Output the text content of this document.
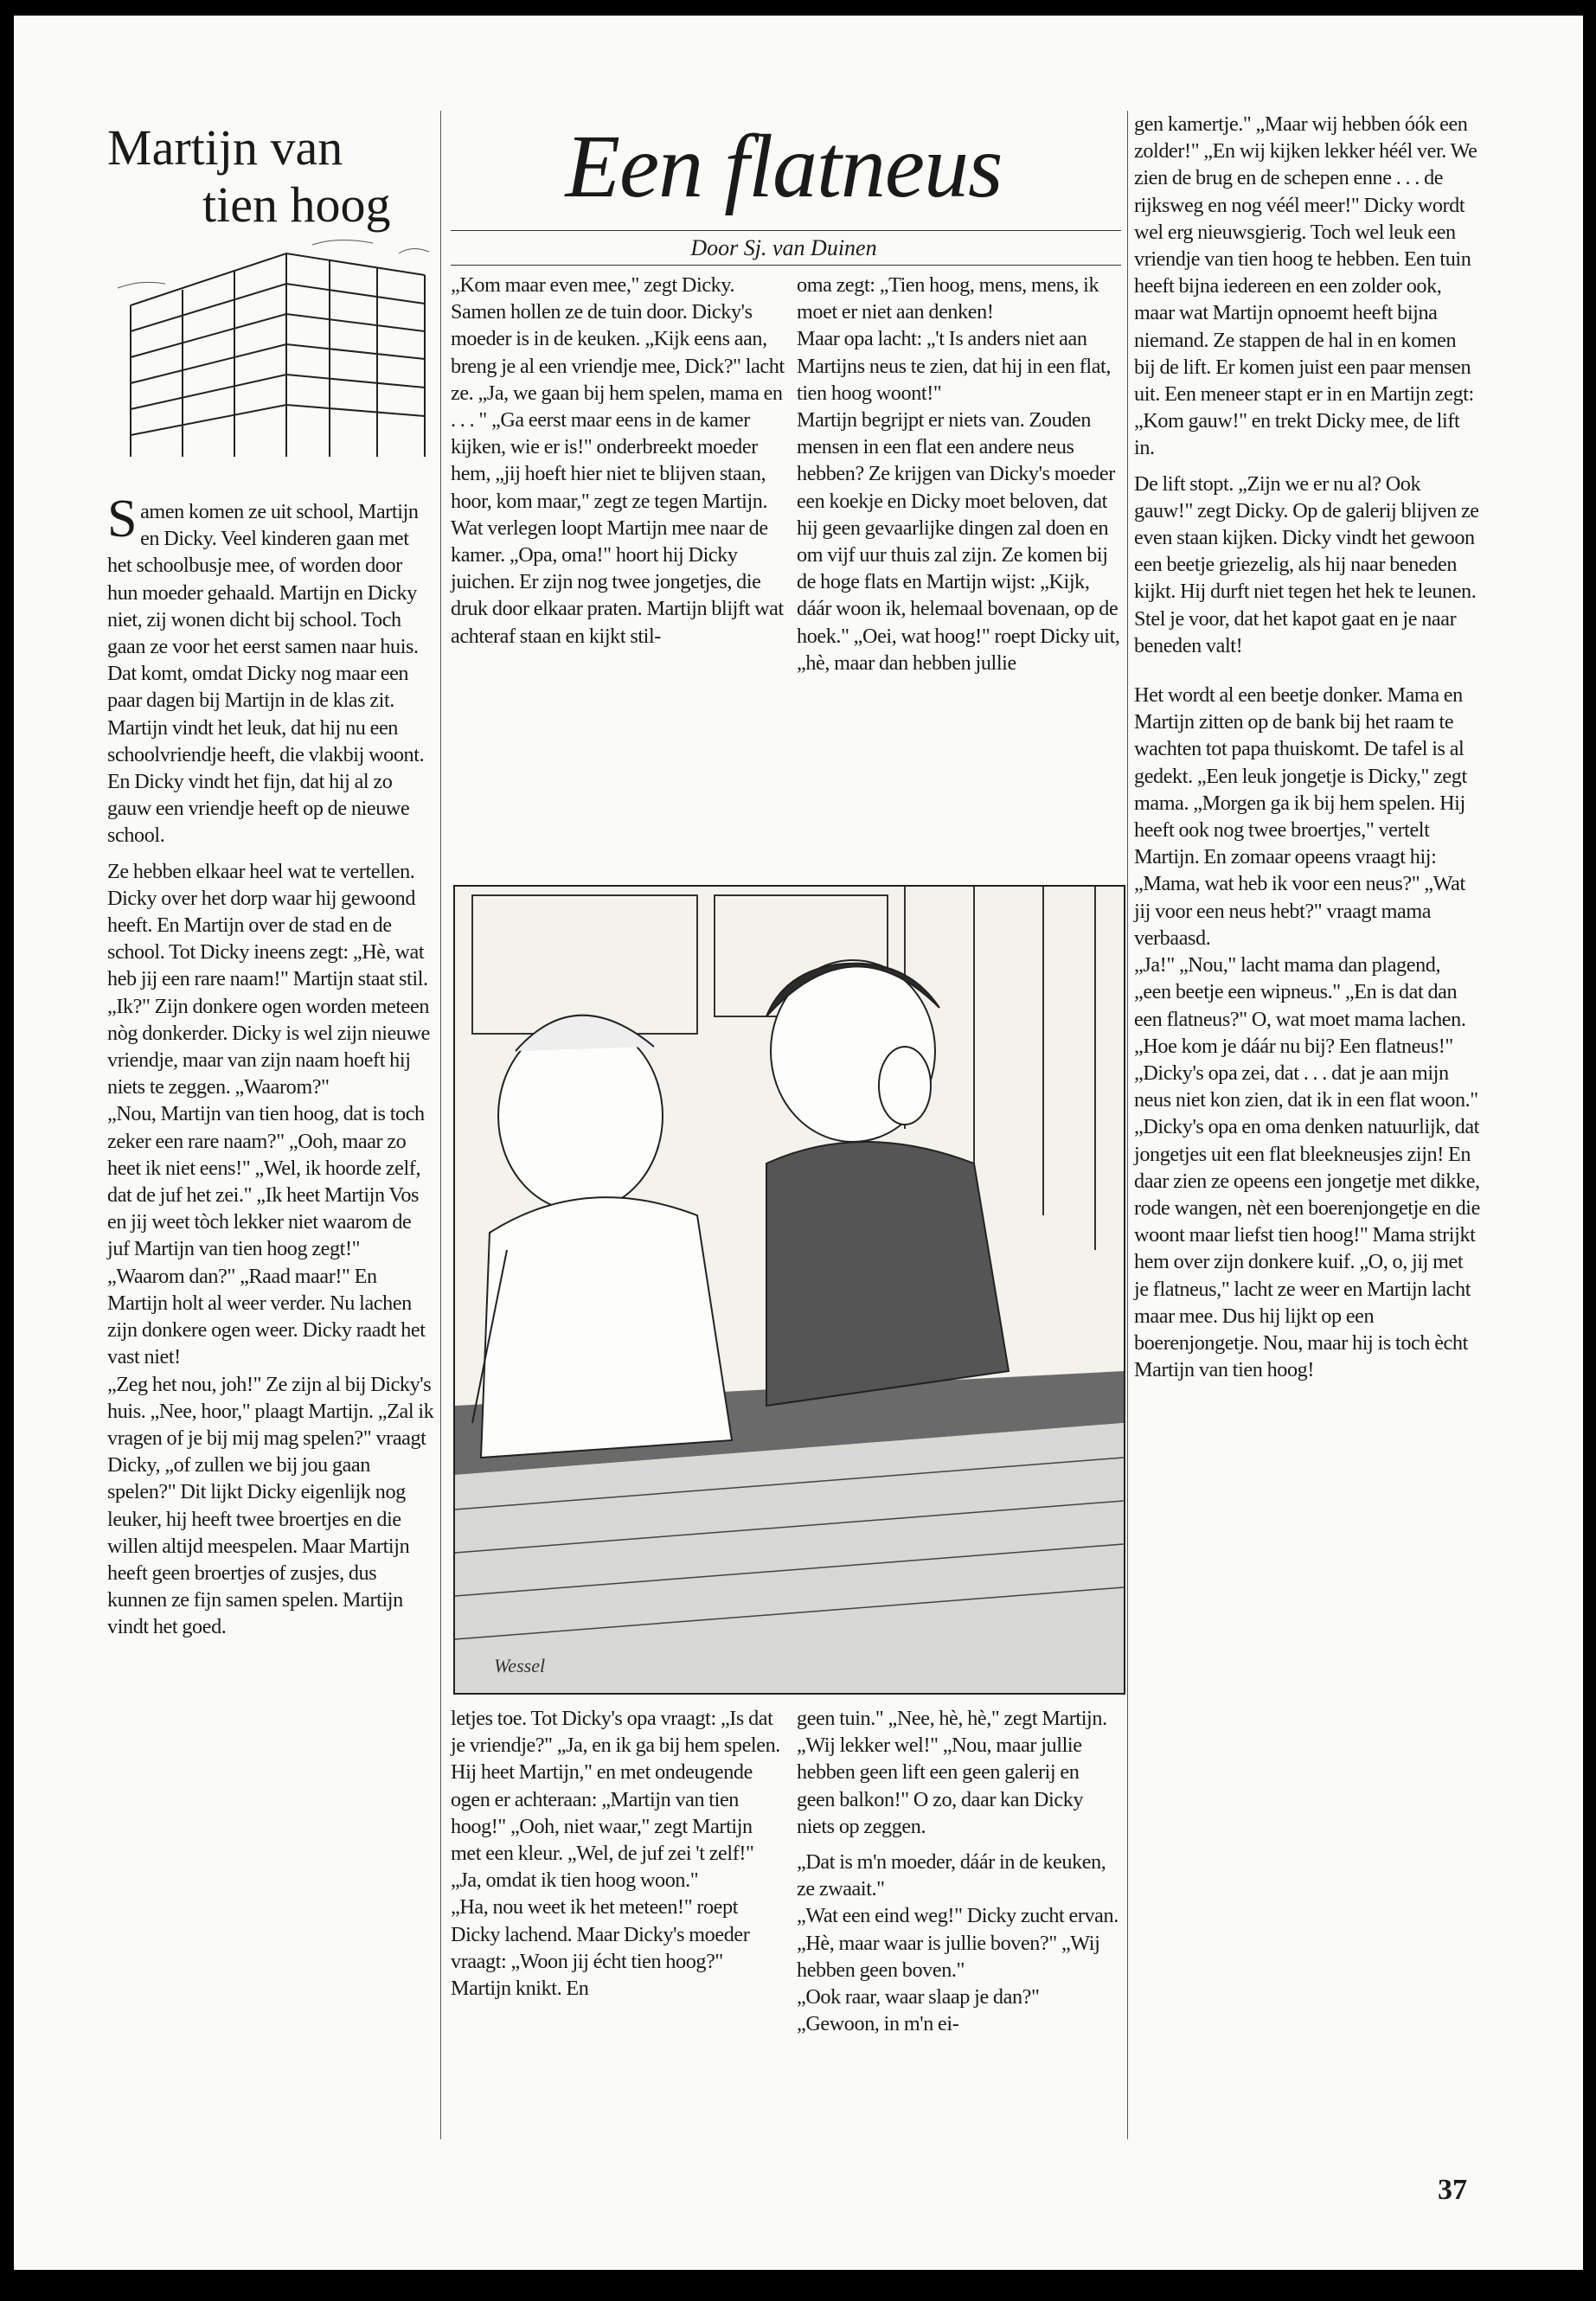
Martijn van
tien hoog

Samen komen ze uit school, Martijn en Dicky. Veel kinderen gaan met het schoolbusje mee, of worden door hun moeder gehaald. Martijn en Dicky niet, zij wonen dicht bij school. Toch gaan ze voor het eerst samen naar huis. Dat komt, omdat Dicky nog maar een paar dagen bij Martijn in de klas zit. Martijn vindt het leuk, dat hij nu een schoolvriendje heeft, die vlakbij woont. En Dicky vindt het fijn, dat hij al zo gauw een vriendje heeft op de nieuwe school.

Ze hebben elkaar heel wat te vertellen. Dicky over het dorp waar hij gewoond heeft. En Martijn over de stad en de school. Tot Dicky ineens zegt: „Hè, wat heb jij een rare naam!" Martijn staat stil. „Ik?" Zijn donkere ogen worden meteen nòg donkerder. Dicky is wel zijn nieuwe vriendje, maar van zijn naam hoeft hij niets te zeggen. „Waarom?"
„Nou, Martijn van tien hoog, dat is toch zeker een rare naam?" „Ooh, maar zo heet ik niet eens!" „Wel, ik hoorde zelf, dat de juf het zei." „Ik heet Martijn Vos en jij weet tòch lekker niet waarom de juf Martijn van tien hoog zegt!"
„Waarom dan?" „Raad maar!" En Martijn holt al weer verder. Nu lachen zijn donkere ogen weer. Dicky raadt het vast niet!
„Zeg het nou, joh!" Ze zijn al bij Dicky's huis. „Nee, hoor," plaagt Martijn. „Zal ik vragen of je bij mij mag spelen?" vraagt Dicky, „of zullen we bij jou gaan spelen?" Dit lijkt Dicky eigenlijk nog leuker, hij heeft twee broertjes en die willen altijd meespelen. Maar Martijn heeft geen broertjes of zusjes, dus kunnen ze fijn samen spelen. Martijn vindt het goed.

Een flatneus
Door Sj. van Duinen

„Kom maar even mee," zegt Dicky. Samen hollen ze de tuin door. Dicky's moeder is in de keuken. „Kijk eens aan, breng je al een vriendje mee, Dick?" lacht ze. „Ja, we gaan bij hem spelen, mama en . . . " „Ga eerst maar eens in de kamer kijken, wie er is!" onderbreekt moeder hem, „jij hoeft hier niet te blijven staan, hoor, kom maar," zegt ze tegen Martijn.
Wat verlegen loopt Martijn mee naar de kamer. „Opa, oma!" hoort hij Dicky juichen. Er zijn nog twee jongetjes, die druk door elkaar praten. Martijn blijft wat achteraf staan en kijkt stil-

oma zegt: „Tien hoog, mens, mens, ik moet er niet aan denken!
Maar opa lacht: „'t Is anders niet aan Martijns neus te zien, dat hij in een flat, tien hoog woont!"
Martijn begrijpt er niets van. Zouden mensen in een flat een andere neus hebben? Ze krijgen van Dicky's moeder een koekje en Dicky moet beloven, dat hij geen gevaarlijke dingen zal doen en om vijf uur thuis zal zijn. Ze komen bij de hoge flats en Martijn wijst: „Kijk, dáár woon ik, helemaal bovenaan, op de hoek." „Oei, wat hoog!" roept Dicky uit, „hè, maar dan hebben jullie

Wessel

letjes toe. Tot Dicky's opa vraagt: „Is dat je vriendje?" „Ja, en ik ga bij hem spelen. Hij heet Martijn," en met ondeugende ogen er achteraan: „Martijn van tien hoog!" „Ooh, niet waar," zegt Martijn met een kleur. „Wel, de juf zei 't zelf!" „Ja, omdat ik tien hoog woon."
„Ha, nou weet ik het meteen!" roept Dicky lachend. Maar Dicky's moeder vraagt: „Woon jij écht tien hoog?" Martijn knikt. En

geen tuin." „Nee, hè, hè," zegt Martijn. „Wij lekker wel!" „Nou, maar jullie hebben geen lift een geen galerij en geen balkon!" O zo, daar kan Dicky niets op zeggen.

„Dat is m'n moeder, dáár in de keuken, ze zwaait."
„Wat een eind weg!" Dicky zucht ervan. „Hè, maar waar is jullie boven?" „Wij hebben geen boven."
„Ook raar, waar slaap je dan?" „Gewoon, in m'n ei-

gen kamertje." „Maar wij hebben óók een zolder!" „En wij kijken lekker héél ver. We zien de brug en de schepen enne . . . de rijksweg en nog véél meer!" Dicky wordt wel erg nieuwsgierig. Toch wel leuk een vriendje van tien hoog te hebben. Een tuin heeft bijna iedereen en een zolder ook, maar wat Martijn opnoemt heeft bijna niemand. Ze stappen de hal in en komen bij de lift. Er komen juist een paar mensen uit. Een meneer stapt er in en Martijn zegt: „Kom gauw!" en trekt Dicky mee, de lift in.

De lift stopt. „Zijn we er nu al? Ook gauw!" zegt Dicky. Op de galerij blijven ze even staan kijken. Dicky vindt het gewoon een beetje griezelig, als hij naar beneden kijkt. Hij durft niet tegen het hek te leunen. Stel je voor, dat het kapot gaat en je naar beneden valt!

Het wordt al een beetje donker. Mama en Martijn zitten op de bank bij het raam te wachten tot papa thuiskomt. De tafel is al gedekt. „Een leuk jongetje is Dicky," zegt mama. „Morgen ga ik bij hem spelen. Hij heeft ook nog twee broertjes," vertelt Martijn. En zomaar opeens vraagt hij: „Mama, wat heb ik voor een neus?" „Wat jij voor een neus hebt?" vraagt mama verbaasd.
„Ja!" „Nou," lacht mama dan plagend, „een beetje een wipneus." „En is dat dan een flatneus?" O, wat moet mama lachen. „Hoe kom je dáár nu bij? Een flatneus!" „Dicky's opa zei, dat . . . dat je aan mijn neus niet kon zien, dat ik in een flat woon."
„Dicky's opa en oma denken natuurlijk, dat jongetjes uit een flat bleekneusjes zijn! En daar zien ze opeens een jongetje met dikke, rode wangen, nèt een boerenjongetje en die woont maar liefst tien hoog!" Mama strijkt hem over zijn donkere kuif. „O, o, jij met je flatneus," lacht ze weer en Martijn lacht maar mee. Dus hij lijkt op een boerenjongetje. Nou, maar hij is toch ècht Martijn van tien hoog!

37
